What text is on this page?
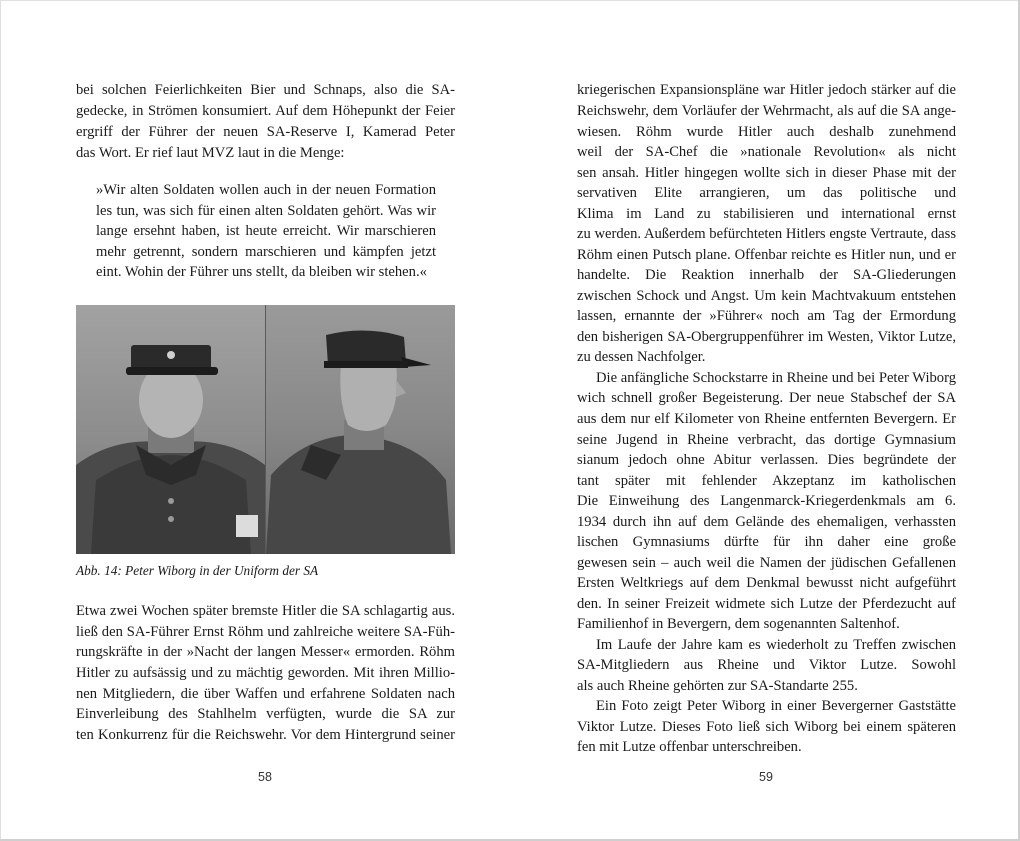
bei solchen Feierlichkeiten Bier und Schnaps, also die SA-
gedecke, in Strömen konsumiert. Auf dem Höhepunkt der Feier
ergriff der Führer der neuen SA-Reserve I, Kamerad Peter
das Wort. Er rief laut MVZ laut in die Menge:
»Wir alten Soldaten wollen auch in der neuen Formation
les tun, was sich für einen alten Soldaten gehört. Was wir
lange ersehnt haben, ist heute erreicht. Wir marschieren
mehr getrennt, sondern marschieren und kämpfen jetzt
eint. Wohin der Führer uns stellt, da bleiben wir stehen.«
Abb. 14: Peter Wiborg in der Uniform der SA
Etwa zwei Wochen später bremste Hitler die SA schlagartig aus.
ließ den SA-Führer Ernst Röhm und zahlreiche weitere SA-Füh-
rungskräfte in der »Nacht der langen Messer« ermorden. Röhm
Hitler zu aufsässig und zu mächtig geworden. Mit ihren Millio-
nen Mitgliedern, die über Waffen und erfahrene Soldaten nach
Einverleibung des Stahlhelm verfügten, wurde die SA zur
ten Konkurrenz für die Reichswehr. Vor dem Hintergrund seiner
58
kriegerischen Expansionspläne war Hitler jedoch stärker auf die
Reichswehr, dem Vorläufer der Wehrmacht, als auf die SA ange-
wiesen. Röhm wurde Hitler auch deshalb zunehmend
weil der SA-Chef die »nationale Revolution« als nicht
sen ansah. Hitler hingegen wollte sich in dieser Phase mit der
servativen Elite arrangieren, um das politische und
Klima im Land zu stabilisieren und international ernst
zu werden. Außerdem befürchteten Hitlers engste Vertraute, dass
Röhm einen Putsch plane. Offenbar reichte es Hitler nun, und er
handelte. Die Reaktion innerhalb der SA-Gliederungen
zwischen Schock und Angst. Um kein Machtvakuum entstehen
lassen, ernannte der »Führer« noch am Tag der Ermordung
den bisherigen SA-Obergruppenführer im Westen, Viktor Lutze,
zu dessen Nachfolger.
Die anfängliche Schockstarre in Rheine und bei Peter Wiborg
wich schnell großer Begeisterung. Der neue Stabschef der SA
aus dem nur elf Kilometer von Rheine entfernten Bevergern. Er
seine Jugend in Rheine verbracht, das dortige Gymnasium
sianum jedoch ohne Abitur verlassen. Dies begründete der
tant später mit fehlender Akzeptanz im katholischen
Die Einweihung des Langenmarck-Kriegerdenkmals am 6.
1934 durch ihn auf dem Gelände des ehemaligen, verhassten
lischen Gymnasiums dürfte für ihn daher eine große
gewesen sein – auch weil die Namen der jüdischen Gefallenen
Ersten Weltkriegs auf dem Denkmal bewusst nicht aufgeführt
den. In seiner Freizeit widmete sich Lutze der Pferdezucht auf
Familienhof in Bevergern, dem sogenannten Saltenhof.
Im Laufe der Jahre kam es wiederholt zu Treffen zwischen
SA-Mitgliedern aus Rheine und Viktor Lutze. Sowohl
als auch Rheine gehörten zur SA-Standarte 255.
Ein Foto zeigt Peter Wiborg in einer Bevergerner Gaststätte
Viktor Lutze. Dieses Foto ließ sich Wiborg bei einem späteren
fen mit Lutze offenbar unterschreiben.
59
